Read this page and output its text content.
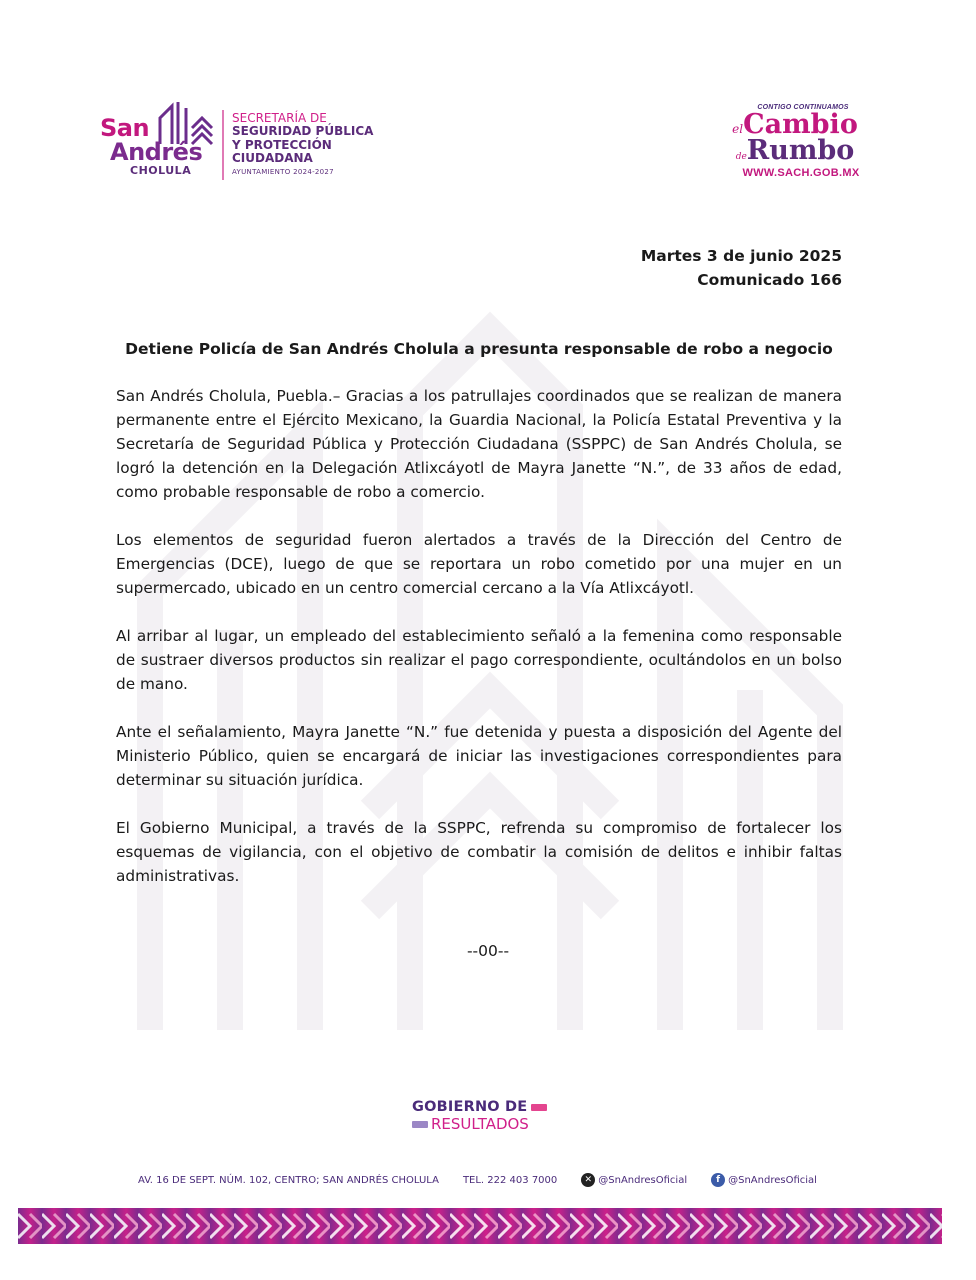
San
Andrés
CHOLULA
SECRETARÍA DE
SEGURIDAD PÚBLICA
Y PROTECCIÓN
CIUDADANA
AYUNTAMIENTO 2024-2027
CONTIGO CONTINUAMOS
elCambio
deRumbo
WWW.SACH.GOB.MX
Martes 3 de junio 2025
Comunicado 166
Detiene Policía de San Andrés Cholula a presunta responsable de robo a negocio

San Andrés Cholula, Puebla.– Gracias a los patrullajes coordinados que se realizan de manera permanente entre el Ejército Mexicano, la Guardia Nacional, la Policía Estatal Preventiva y la Secretaría de Seguridad Pública y Protección Ciudadana (SSPPC) de San Andrés Cholula, se logró la detención en la Delegación Atlixcáyotl de Mayra Janette “N.”, de 33 años de edad, como probable responsable de robo a comercio.

Los elementos de seguridad fueron alertados a través de la Dirección del Centro de Emergencias (DCE), luego de que se reportara un robo cometido por una mujer en un supermercado, ubicado en un centro comercial cercano a la Vía Atlixcáyotl.

Al arribar al lugar, un empleado del establecimiento señaló a la femenina como responsable de sustraer diversos productos sin realizar el pago correspondiente, ocultándolos en un bolso de mano.

Ante el señalamiento, Mayra Janette “N.” fue detenida y puesta a disposición del Agente del Ministerio Público, quien se encargará de iniciar las investigaciones correspondientes para determinar su situación jurídica.

El Gobierno Municipal, a través de la SSPPC, refrenda su compromiso de fortalecer los esquemas de vigilancia, con el objetivo de combatir la comisión de delitos e inhibir faltas administrativas.

--00--
GOBIERNO DE
RESULTADOS
AV. 16 DE SEPT. NÚM. 102, CENTRO; SAN ANDRÉS CHOLULA TEL. 222 403 7000	✕ @SnAndresOficial	f @SnAndresOficial
